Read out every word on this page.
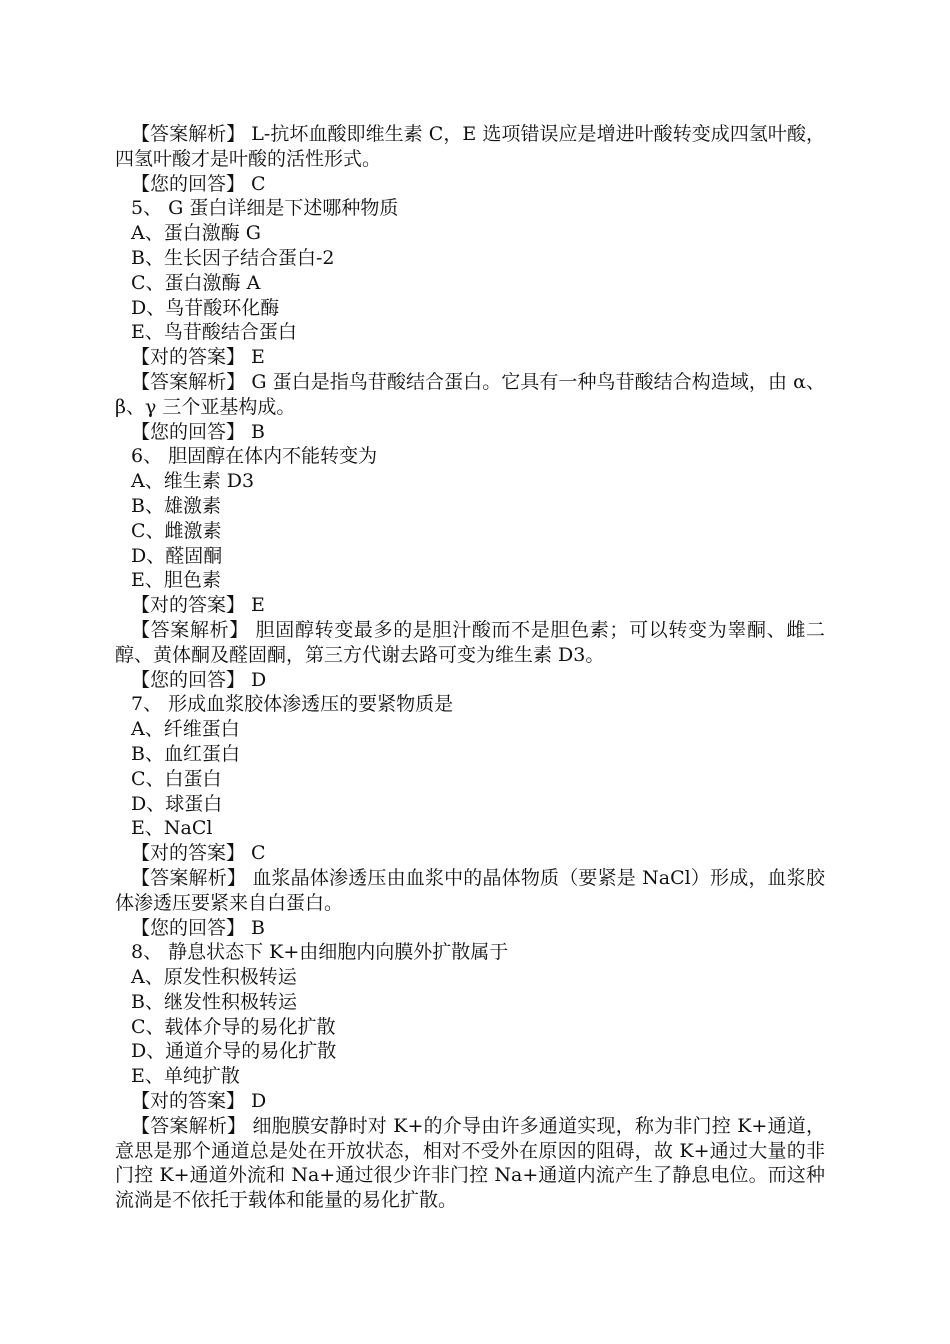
【答案解析】 L-抗坏血酸即维生素 C，E 选项错误应是增进叶酸转变成四氢叶酸，四氢叶酸才是叶酸的活性形式。
【您的回答】 C
5、 G 蛋白详细是下述哪种物质
A、蛋白激酶 G
B、生长因子结合蛋白-2
C、蛋白激酶 A
D、鸟苷酸环化酶
E、鸟苷酸结合蛋白
【对的答案】 E
【答案解析】 G 蛋白是指鸟苷酸结合蛋白。它具有一种鸟苷酸结合构造域，由 α、β、γ 三个亚基构成。
【您的回答】 B
6、 胆固醇在体内不能转变为
A、维生素 D3
B、雄激素
C、雌激素
D、醛固酮
E、胆色素
【对的答案】 E
【答案解析】 胆固醇转变最多的是胆汁酸而不是胆色素；可以转变为睾酮、雌二醇、黄体酮及醛固酮，第三方代谢去路可变为维生素 D3。
【您的回答】 D
7、 形成血浆胶体渗透压的要紧物质是
A、纤维蛋白
B、血红蛋白
C、白蛋白
D、球蛋白
E、NaCl
【对的答案】 C
【答案解析】 血浆晶体渗透压由血浆中的晶体物质（要紧是 NaCl）形成，血浆胶体渗透压要紧来自白蛋白。
【您的回答】 B
8、 静息状态下 K+由细胞内向膜外扩散属于
A、原发性积极转运
B、继发性积极转运
C、载体介导的易化扩散
D、通道介导的易化扩散
E、单纯扩散
【对的答案】 D
【答案解析】 细胞膜安静时对 K+的介导由许多通道实现，称为非门控 K+通道，意思是那个通道总是处在开放状态，相对不受外在原因的阻碍，故 K+通过大量的非门控 K+通道外流和 Na+通过很少许非门控 Na+通道内流产生了静息电位。而这种流淌是不依托于载体和能量的易化扩散。
